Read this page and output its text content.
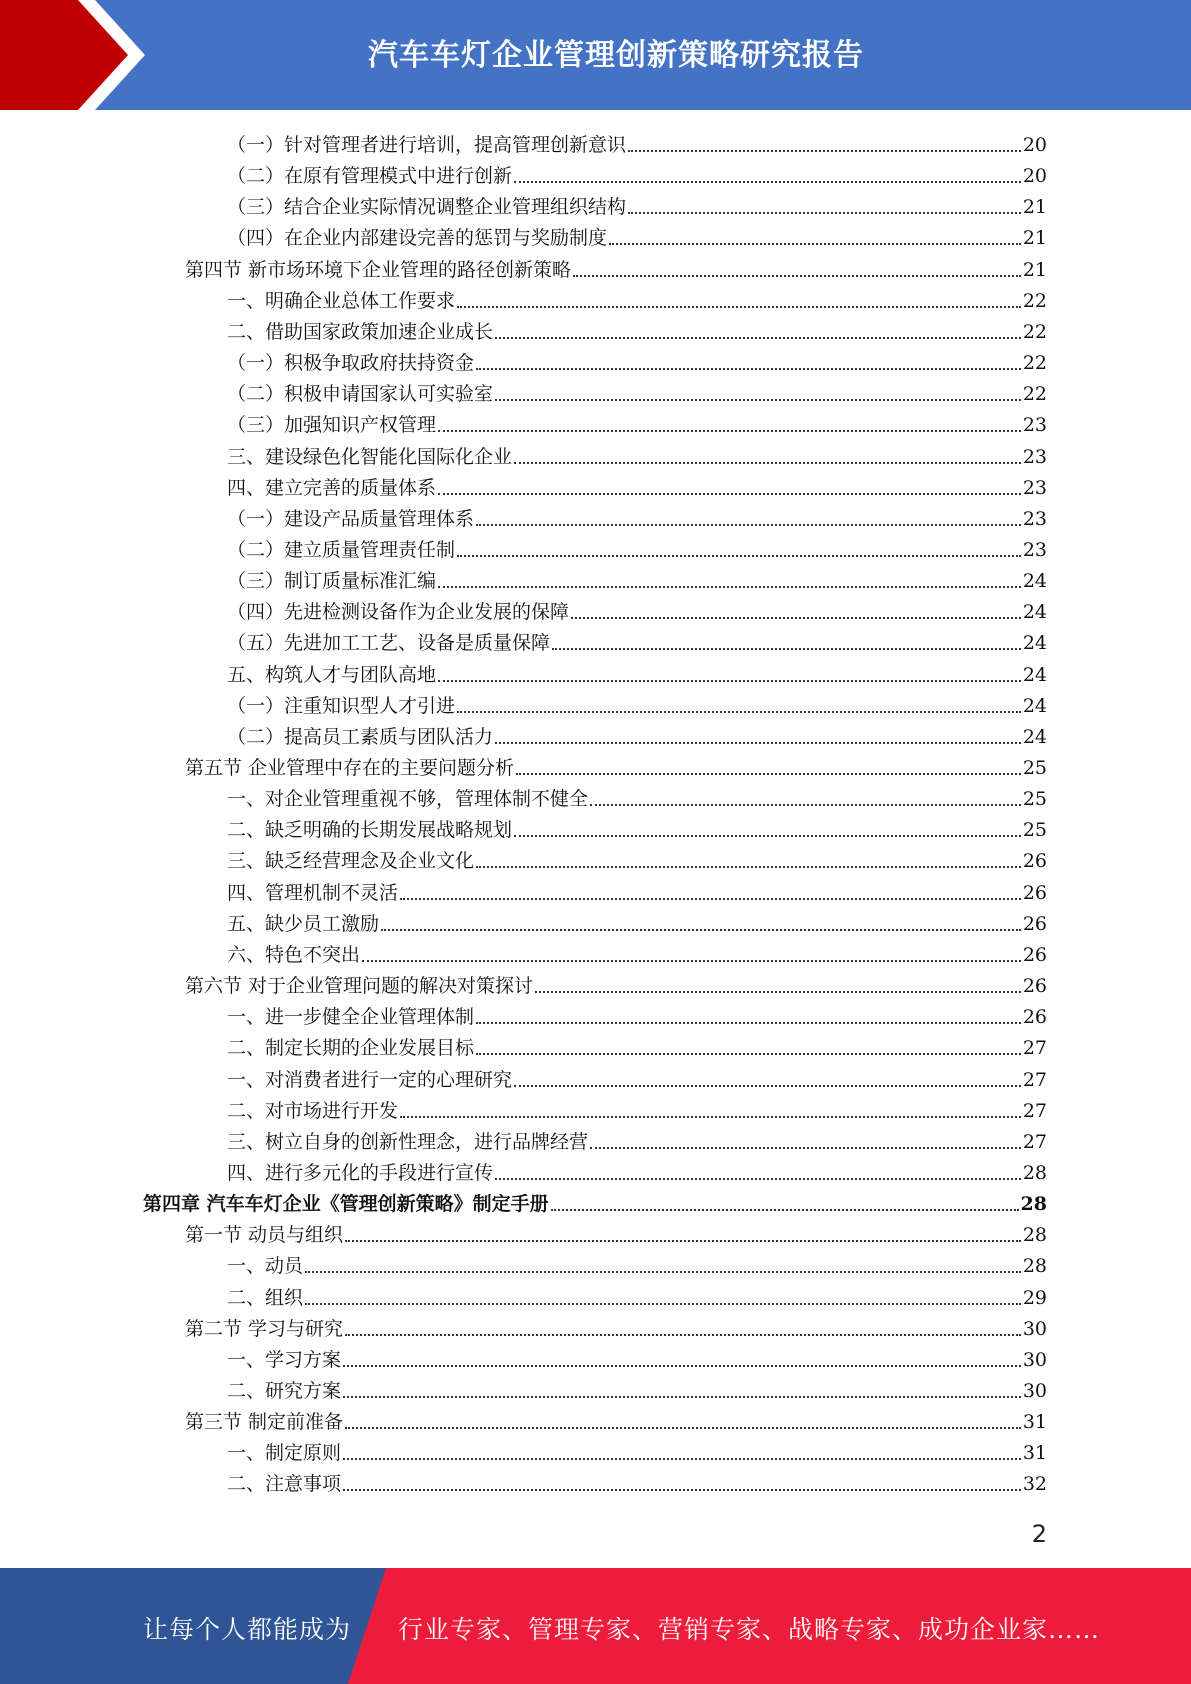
汽车车灯企业管理创新策略研究报告
（一）针对管理者进行培训，提高管理创新意识	20
（二）在原有管理模式中进行创新	20
（三）结合企业实际情况调整企业管理组织结构	21
（四）在企业内部建设完善的惩罚与奖励制度	21
第四节 新市场环境下企业管理的路径创新策略	21
一、明确企业总体工作要求	22
二、借助国家政策加速企业成长	22
（一）积极争取政府扶持资金	22
（二）积极申请国家认可实验室	22
（三）加强知识产权管理	23
三、建设绿色化智能化国际化企业	23
四、建立完善的质量体系	23
（一）建设产品质量管理体系	23
（二）建立质量管理责任制	23
（三）制订质量标准汇编	24
（四）先进检测设备作为企业发展的保障	24
（五）先进加工工艺、设备是质量保障	24
五、构筑人才与团队高地	24
（一）注重知识型人才引进	24
（二）提高员工素质与团队活力	24
第五节 企业管理中存在的主要问题分析	25
一、对企业管理重视不够，管理体制不健全	25
二、缺乏明确的长期发展战略规划	25
三、缺乏经营理念及企业文化	26
四、管理机制不灵活	26
五、缺少员工激励	26
六、特色不突出	26
第六节 对于企业管理问题的解决对策探讨	26
一、进一步健全企业管理体制	26
二、制定长期的企业发展目标	27
一、对消费者进行一定的心理研究	27
二、对市场进行开发	27
三、树立自身的创新性理念，进行品牌经营	27
四、进行多元化的手段进行宣传	28
第四章 汽车车灯企业《管理创新策略》制定手册	28
第一节 动员与组织	28
一、动员	28
二、组织	29
第二节 学习与研究	30
一、学习方案	30
二、研究方案	30
第三节 制定前准备	31
一、制定原则	31
二、注意事项	32
2
让每个人都能成为 行业专家、管理专家、营销专家、战略专家、成功企业家……
